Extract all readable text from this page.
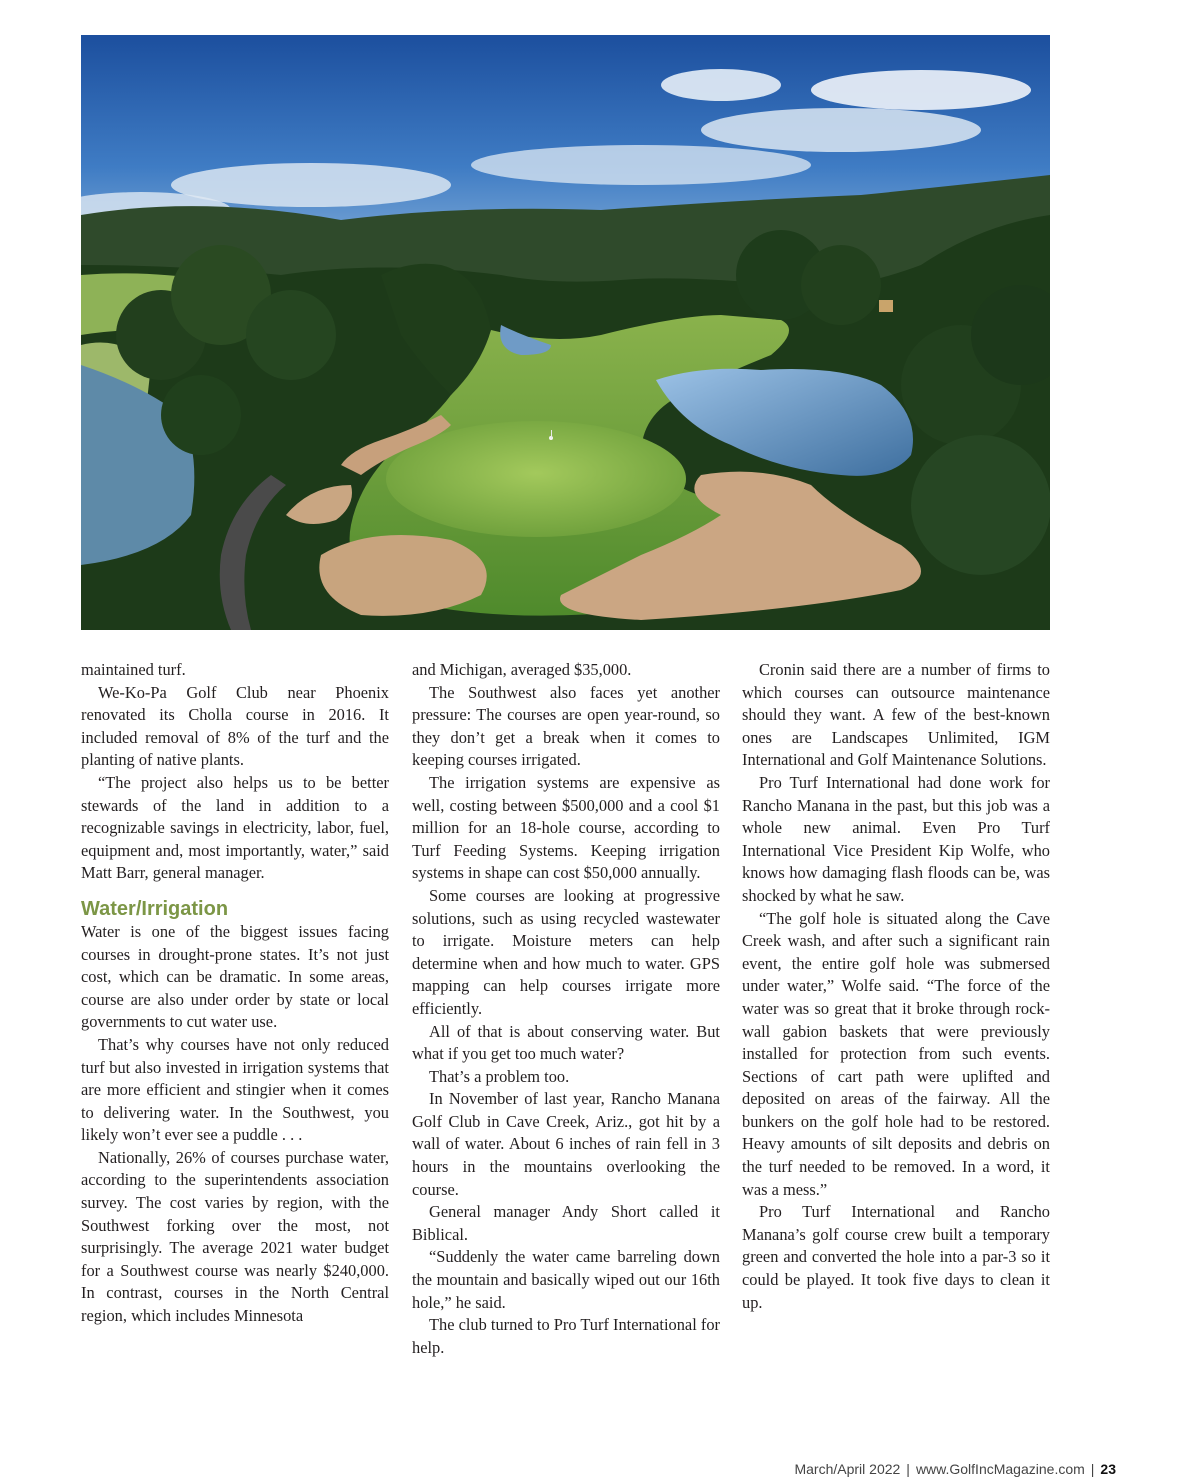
maintained turf.

We-Ko-Pa Golf Club near Phoenix renovated its Cholla course in 2016. It included removal of 8% of the turf and the planting of native plants.

“The project also helps us to be better stewards of the land in addition to a recognizable savings in electricity, labor, fuel, equipment and, most importantly, water,” said Matt Barr, general manager.

Water/Irrigation

Water is one of the biggest issues facing courses in drought-prone states. It’s not just cost, which can be dramatic. In some areas, course are also under order by state or local governments to cut water use.

That’s why courses have not only reduced turf but also invested in irrigation systems that are more efficient and stingier when it comes to delivering water. In the Southwest, you likely won’t ever see a puddle . . .

Nationally, 26% of courses purchase water, according to the superintendents association survey. The cost varies by region, with the Southwest forking over the most, not surprisingly. The average 2021 water budget for a Southwest course was nearly $240,000. In contrast, courses in the North Central region, which includes Minnesota

and Michigan, averaged $35,000.

The Southwest also faces yet another pressure: The courses are open year-round, so they don’t get a break when it comes to keeping courses irrigated.

The irrigation systems are expensive as well, costing between $500,000 and a cool $1 million for an 18-hole course, according to Turf Feeding Systems. Keeping irrigation systems in shape can cost $50,000 annually.

Some courses are looking at progressive solutions, such as using recycled wastewater to irrigate. Moisture meters can help determine when and how much to water. GPS mapping can help courses irrigate more efficiently.

All of that is about conserving water. But what if you get too much water?

That’s a problem too.

In November of last year, Rancho Manana Golf Club in Cave Creek, Ariz., got hit by a wall of water. About 6 inches of rain fell in 3 hours in the mountains overlooking the course.

General manager Andy Short called it Biblical.

“Suddenly the water came barreling down the mountain and basically wiped out our 16th hole,” he said.

The club turned to Pro Turf International for help.

Cronin said there are a number of firms to which courses can outsource maintenance should they want. A few of the best-known ones are Landscapes Unlimited, IGM International and Golf Maintenance Solutions.

Pro Turf International had done work for Rancho Manana in the past, but this job was a whole new animal. Even Pro Turf International Vice President Kip Wolfe, who knows how damaging flash floods can be, was shocked by what he saw.

“The golf hole is situated along the Cave Creek wash, and after such a significant rain event, the entire golf hole was submersed under water,” Wolfe said. “The force of the water was so great that it broke through rock-wall gabion baskets that were previously installed for protection from such events. Sections of cart path were uplifted and deposited on areas of the fairway. All the bunkers on the golf hole had to be restored. Heavy amounts of silt deposits and debris on the turf needed to be removed. In a word, it was a mess.”

Pro Turf International and Rancho Manana’s golf course crew built a temporary green and converted the hole into a par-3 so it could be played. It took five days to clean it up.

March/April 2022 | www.GolfIncMagazine.com | 23
